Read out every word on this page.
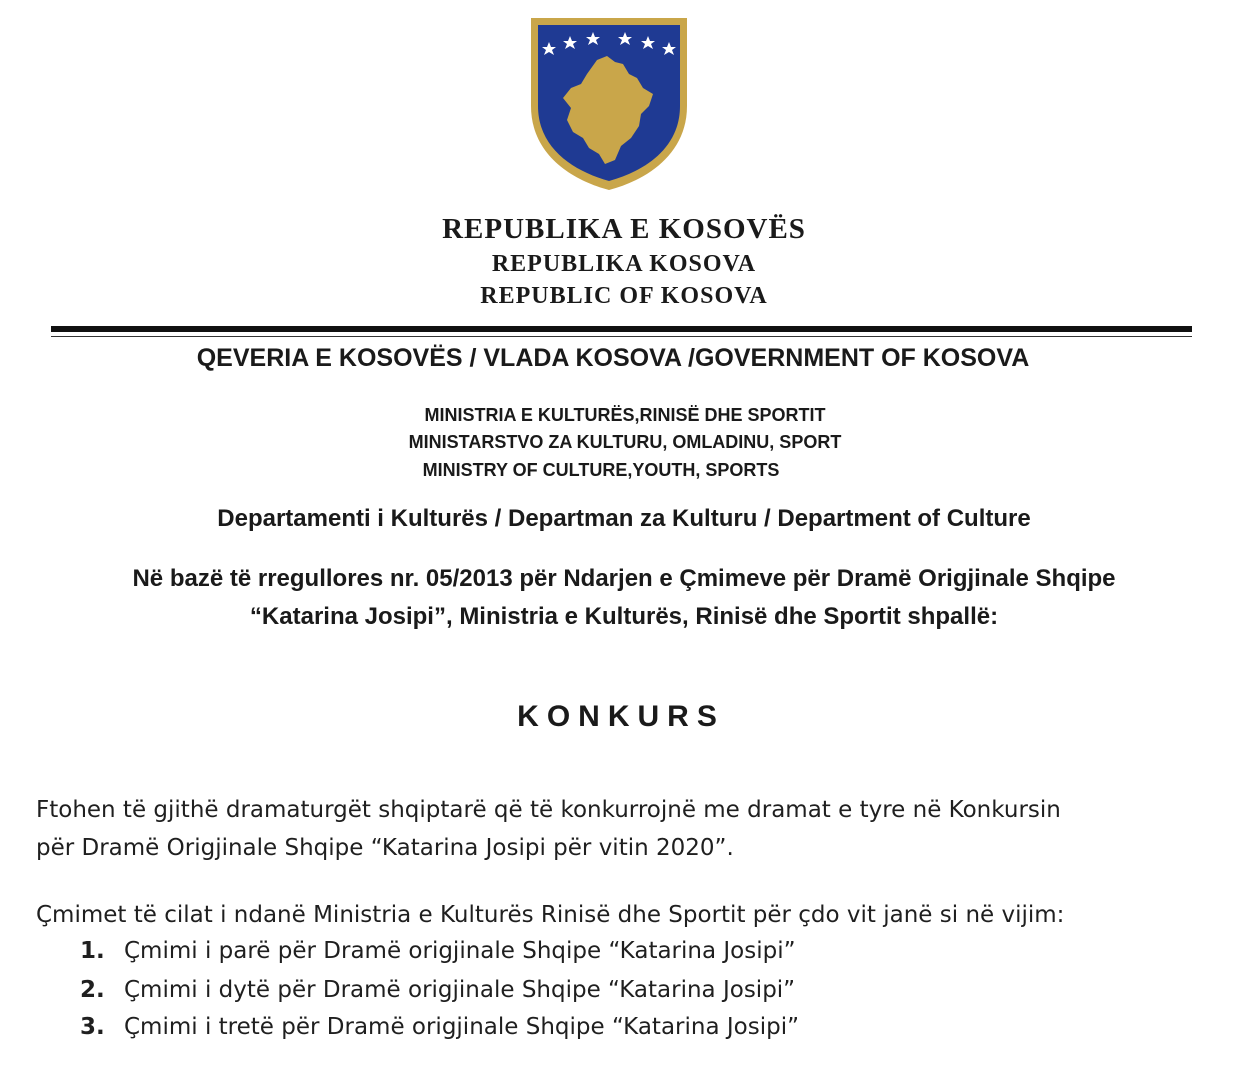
REPUBLIKA E KOSOVËS
REPUBLIKA KOSOVA
REPUBLIC OF KOSOVA
QEVERIA E KOSOVËS / VLADA KOSOVA /GOVERNMENT OF KOSOVA
MINISTRIA E KULTURËS,RINISË DHE SPORTIT
MINISTARSTVO ZA KULTURU, OMLADINU, SPORT
MINISTRY OF CULTURE,YOUTH, SPORTS
Departamenti i Kulturës / Departman za Kulturu / Department of Culture
Në bazë të rregullores nr. 05/2013 për Ndarjen e Çmimeve për Dramë Origjinale Shqipe
“Katarina Josipi”, Ministria e Kulturës, Rinisë dhe Sportit shpallë:
KONKURS
Ftohen të gjithë dramaturgët shqiptarë që të konkurrojnë me dramat e tyre në Konkursin
për Dramë Origjinale Shqipe “Katarina Josipi për vitin 2020”.
Çmimet të cilat i ndanë Ministria e Kulturës Rinisë dhe Sportit për çdo vit janë si në vijim:
1. Çmimi i parë për Dramë origjinale Shqipe “Katarina Josipi”
2. Çmimi i dytë për Dramë origjinale Shqipe “Katarina Josipi”
3. Çmimi i tretë për Dramë origjinale Shqipe “Katarina Josipi”
